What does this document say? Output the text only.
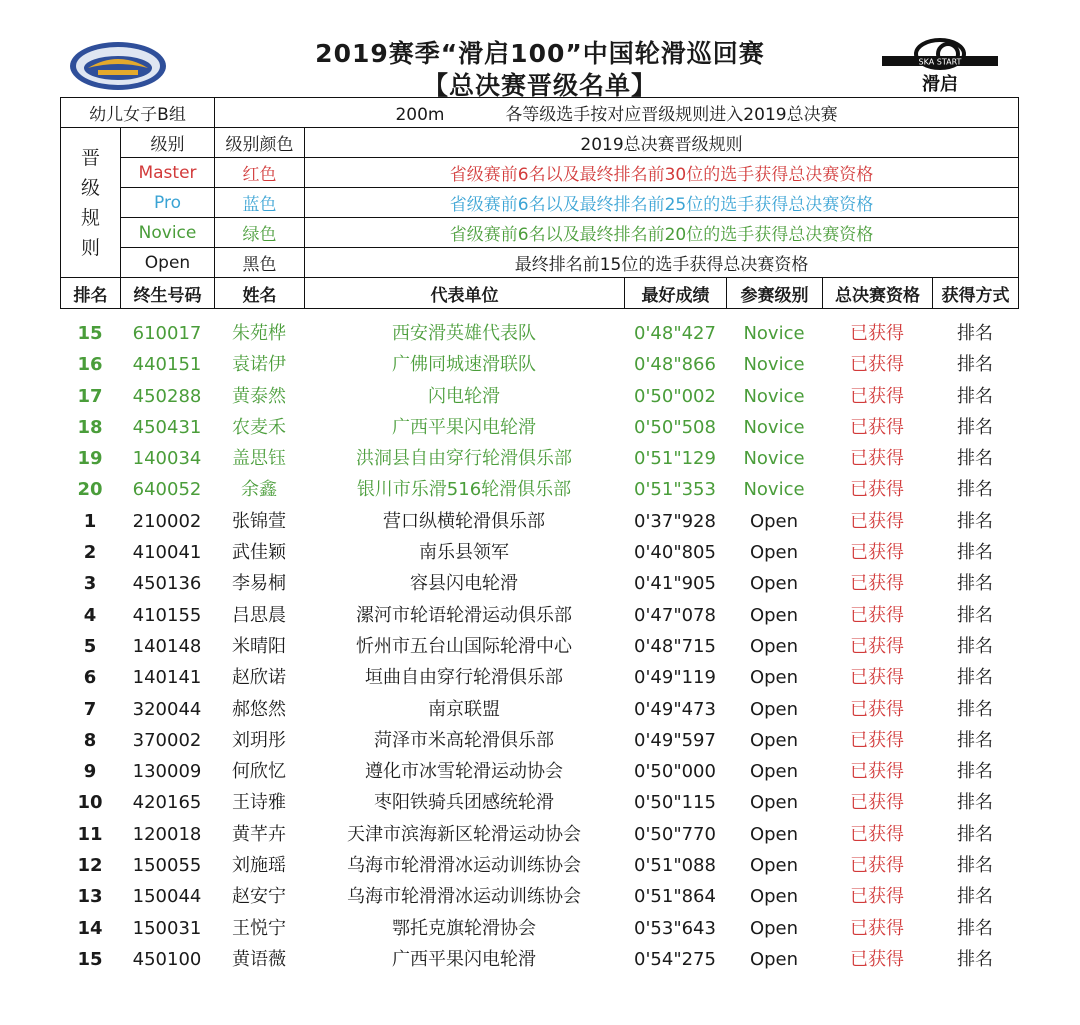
SKA START
滑启
2019赛季“滑启100”中国轮滑巡回赛
【总决赛晋级名单】
幼儿女子B组		200m 各等级选手按对应晋级规则进入2019总决赛					

晋级规则	级别	级别颜色	2019总决赛晋级规则				
	Master	红色	省级赛前6名以及最终排名前30位的选手获得总决赛资格				
	Pro	蓝色	省级赛前6名以及最终排名前25位的选手获得总决赛资格				
	Novice	绿色	省级赛前6名以及最终排名前20位的选手获得总决赛资格				
	Open	黑色	最终排名前15位的选手获得总决赛资格				
排名	终生号码	姓名	代表单位	最好成绩	参赛级别	总决赛资格	获得方式
15	610017	朱苑桦	西安滑英雄代表队	0'48"427	Novice	已获得	排名
16	440151	袁诺伊	广佛同城速滑联队	0'48"866	Novice	已获得	排名
17	450288	黄泰然	闪电轮滑	0'50"002	Novice	已获得	排名
18	450431	农麦禾	广西平果闪电轮滑	0'50"508	Novice	已获得	排名
19	140034	盖思钰	洪洞县自由穿行轮滑俱乐部	0'51"129	Novice	已获得	排名
20	640052	余鑫	银川市乐滑516轮滑俱乐部	0'51"353	Novice	已获得	排名
1	210002	张锦萱	营口纵横轮滑俱乐部	0'37"928	Open	已获得	排名
2	410041	武佳颖	南乐县领军	0'40"805	Open	已获得	排名
3	450136	李易桐	容县闪电轮滑	0'41"905	Open	已获得	排名
4	410155	吕思晨	漯河市轮语轮滑运动俱乐部	0'47"078	Open	已获得	排名
5	140148	米晴阳	忻州市五台山国际轮滑中心	0'48"715	Open	已获得	排名
6	140141	赵欣诺	垣曲自由穿行轮滑俱乐部	0'49"119	Open	已获得	排名
7	320044	郝悠然	南京联盟	0'49"473	Open	已获得	排名
8	370002	刘玥彤	菏泽市米高轮滑俱乐部	0'49"597	Open	已获得	排名
9	130009	何欣忆	遵化市冰雪轮滑运动协会	0'50"000	Open	已获得	排名
10	420165	王诗雅	枣阳铁骑兵团感统轮滑	0'50"115	Open	已获得	排名
11	120018	黄芊卉	天津市滨海新区轮滑运动协会	0'50"770	Open	已获得	排名
12	150055	刘施瑶	乌海市轮滑滑冰运动训练协会	0'51"088	Open	已获得	排名
13	150044	赵安宁	乌海市轮滑滑冰运动训练协会	0'51"864	Open	已获得	排名
14	150031	王悦宁	鄂托克旗轮滑协会	0'53"643	Open	已获得	排名
15	450100	黄语薇	广西平果闪电轮滑	0'54"275	Open	已获得	排名
